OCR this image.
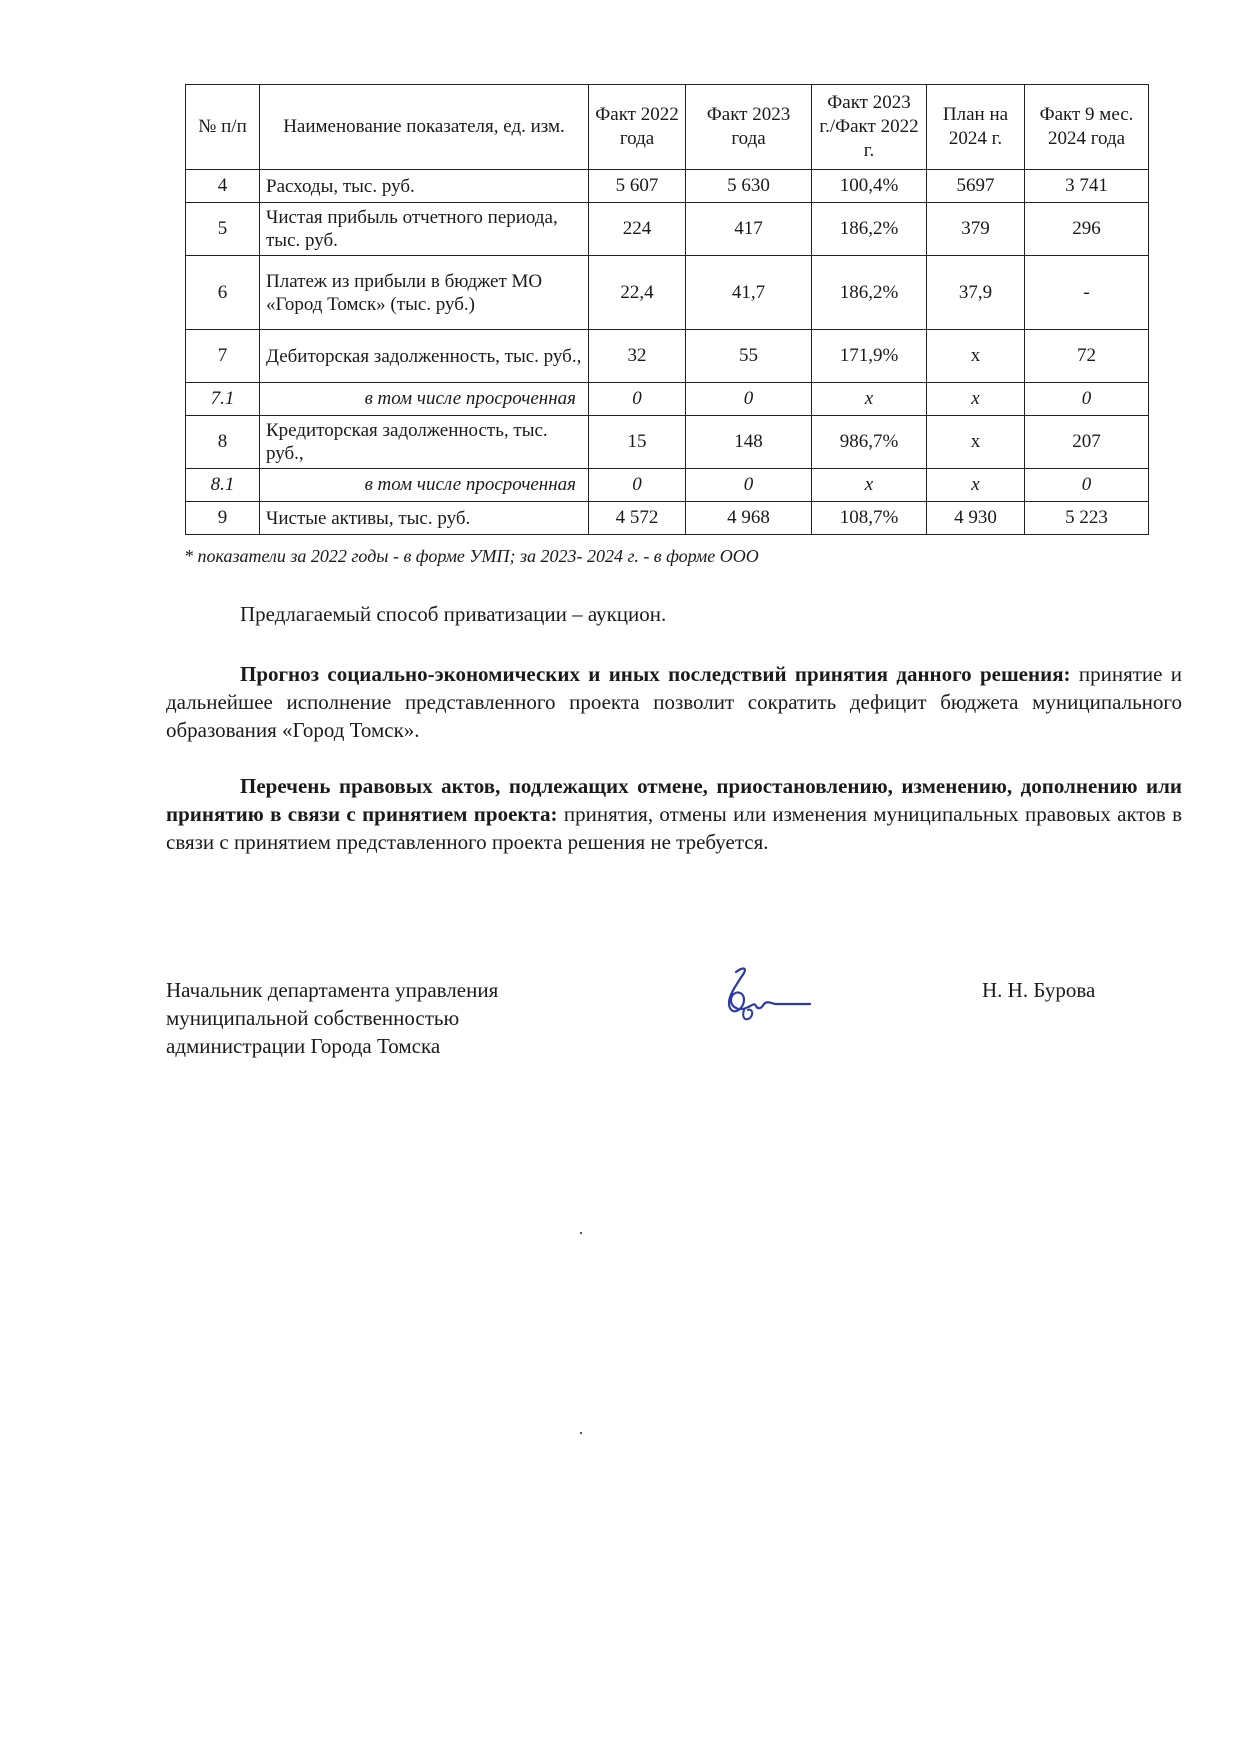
№ п/п	Наименование показателя, ед. изм.	Факт 2022 года	Факт 2023 года	Факт 2023 г./Факт 2022 г.	План на 2024 г.	Факт 9 мес. 2024 года
4	Расходы, тыс. руб.	5 607	5 630	100,4%	5697	3 741
5	Чистая прибыль отчетного периода, тыс. руб.	224	417	186,2%	379	296
6	Платеж из прибыли в бюджет МО «Город Томск» (тыс. руб.)	22,4	41,7	186,2%	37,9	-
7	Дебиторская задолженность, тыс. руб.,	32	55	171,9%	x	72
7.1	в том числе просроченная	0	0	x	x	0
8	Кредиторская задолженность, тыс. руб.,	15	148	986,7%	x	207
8.1	в том числе просроченная	0	0	x	x	0
9	Чистые активы, тыс. руб.	4 572	4 968	108,7%	4 930	5 223
* показатели за 2022 годы - в форме УМП; за 2023- 2024 г. - в форме ООО
Предлагаемый способ приватизации – аукцион.
Прогноз социально-экономических и иных последствий принятия данного решения: принятие и дальнейшее исполнение представленного проекта позволит сократить дефицит бюджета муниципального образования «Город Томск».
Перечень правовых актов, подлежащих отмене, приостановлению, изменению, дополнению или принятию в связи с принятием проекта: принятия, отмены или изменения муниципальных правовых актов в связи с принятием представленного проекта решения не требуется.
Начальник департамента управления
муниципальной собственностью
администрации Города Томска
Н. Н. Бурова
